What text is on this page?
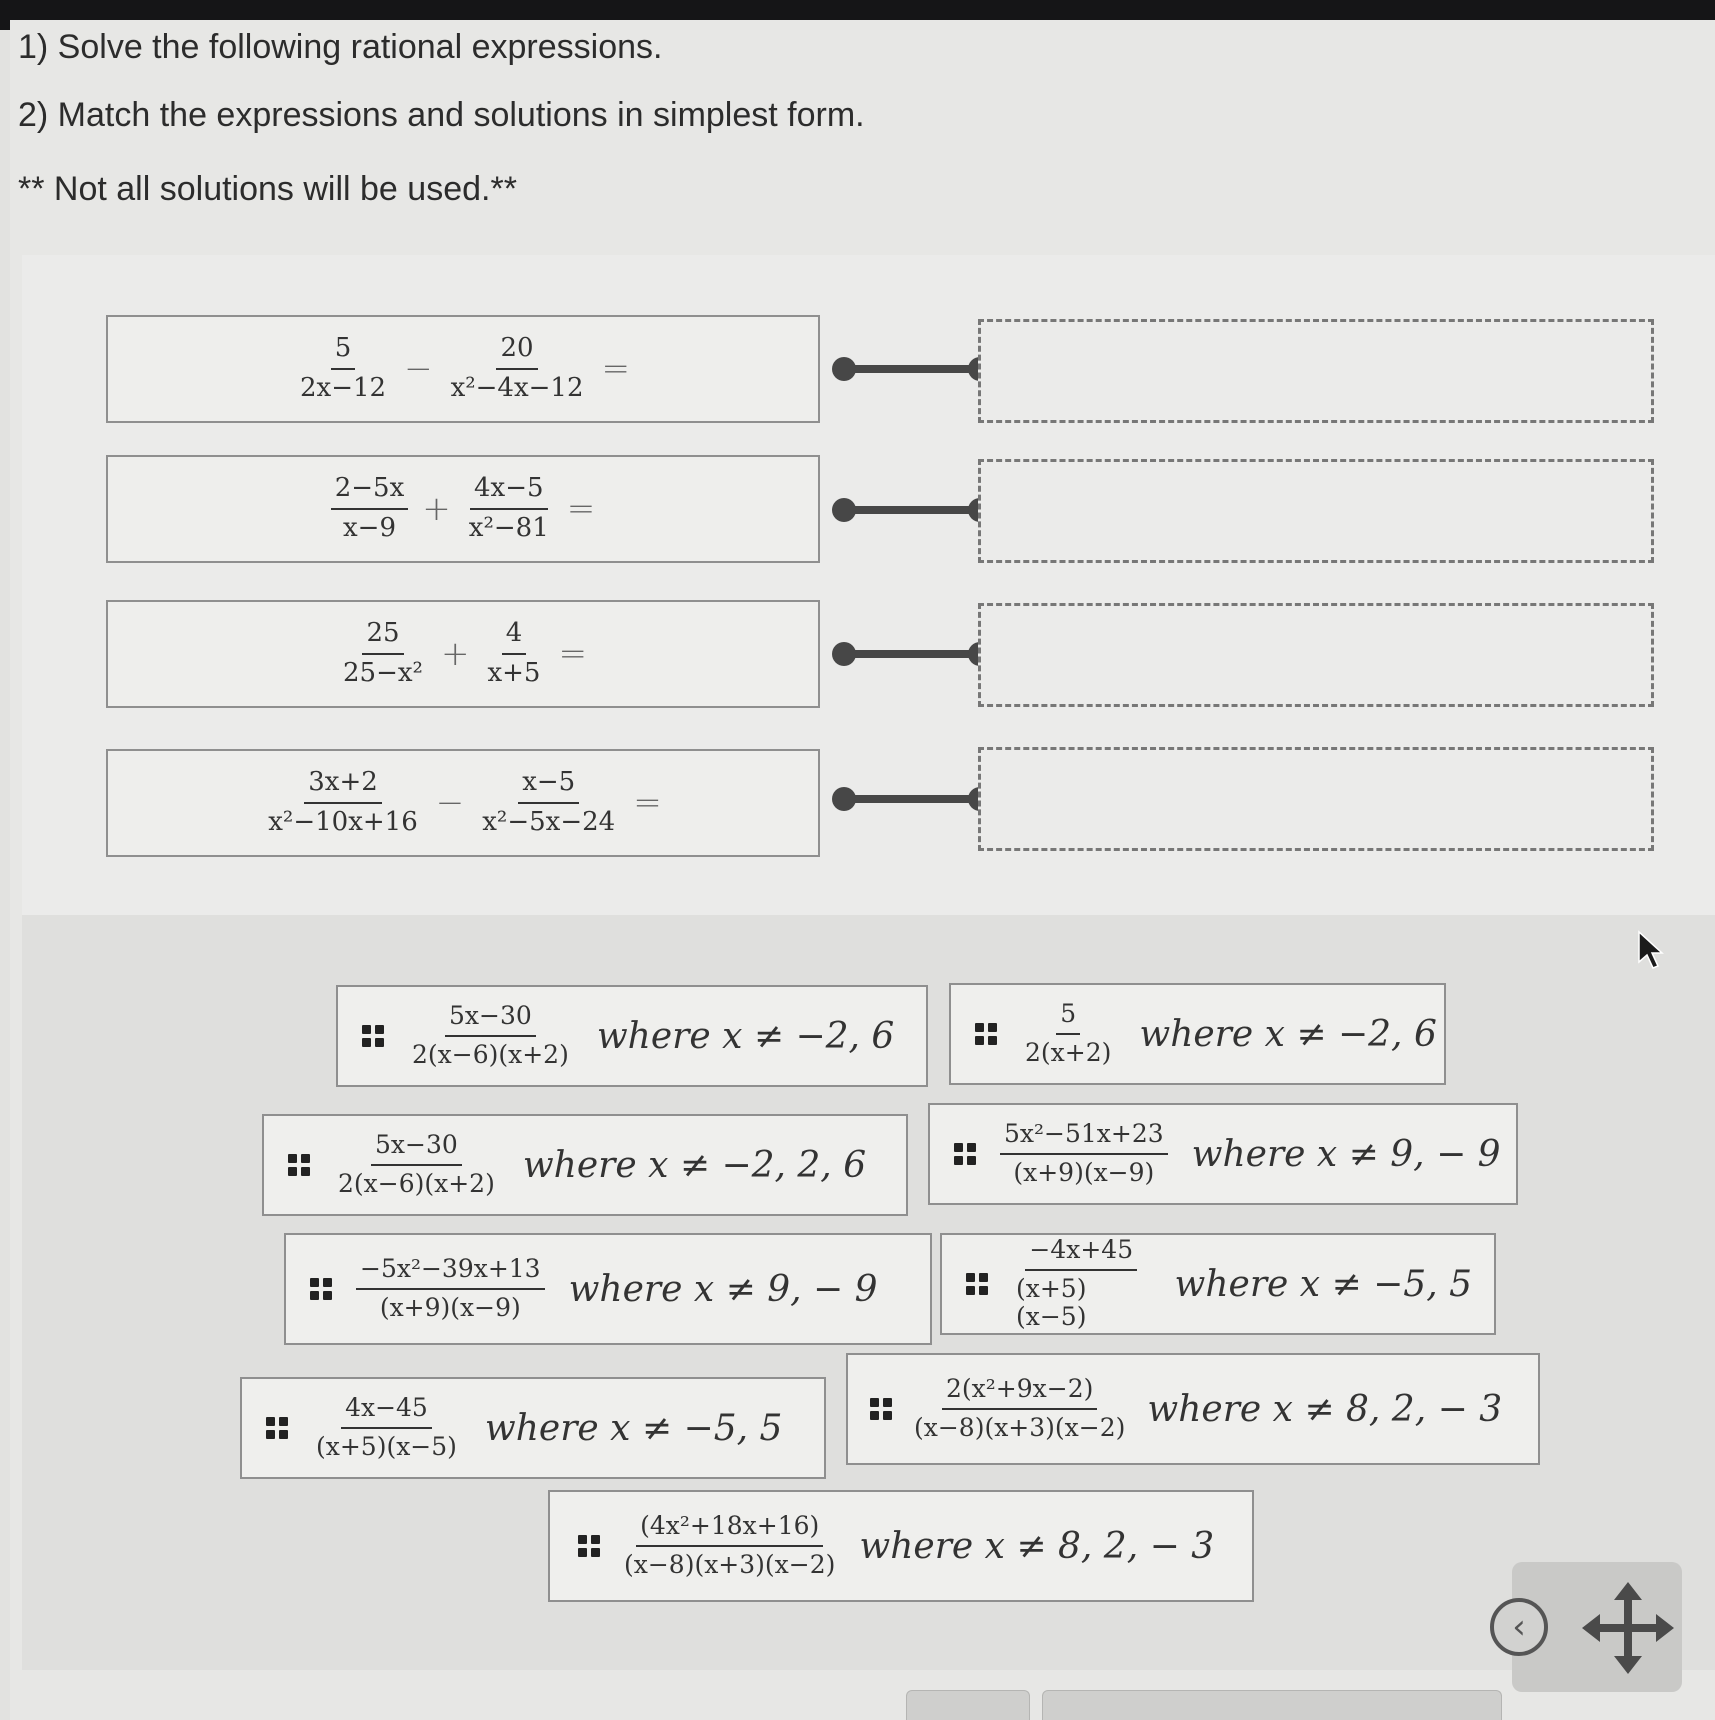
1) Solve the following rational expressions.
2) Match the expressions and solutions in simplest form.
** Not all solutions will be used.**
$\frac{5}{2x-12} - \frac{20}{\text{x²−4x−12}}$ =
$\frac{2-5x}{x-9} + \frac{4x-5}{\text{x²−81}}$ =
$\frac{25}{\text{25−x²}} + \frac{4}{x+5}$ =
$\frac{3x+2}{\text{x²−10x+16}} - \frac{x-5}{\text{x²−5x−24}}$ =
$\frac{5x-30}{2(x-6)(x+2)}$ where x ≠ −2, 6	$\frac{5}{2(x+2)}$ where x ≠ −2, 6
$\frac{5x-30}{2(x-6)(x+2)}$ where x ≠ −2, 2, 6	$\frac{\text{5x²−51x+23}}{(x+9)(x-9)}$ where x ≠ 9, − 9
$\frac{\text{−5x²−39x+13}}{(x+9)(x-9)}$ where x ≠ 9, − 9	$\frac{-4x+45}{(x+5)(x-5)}$ where x ≠ −5, 5
$\frac{4x-45}{(x+5)(x-5)}$ where x ≠ −5, 5	$\frac{\text{2(x²+9x−2)}}{(x-8)(x+3)(x-2)}$ where x ≠ 8, 2, − 3
$\frac{\text{(4x²+18x+16)}}{(x-8)(x+3)(x-2)}$ where x ≠ 8, 2, − 3
‹
